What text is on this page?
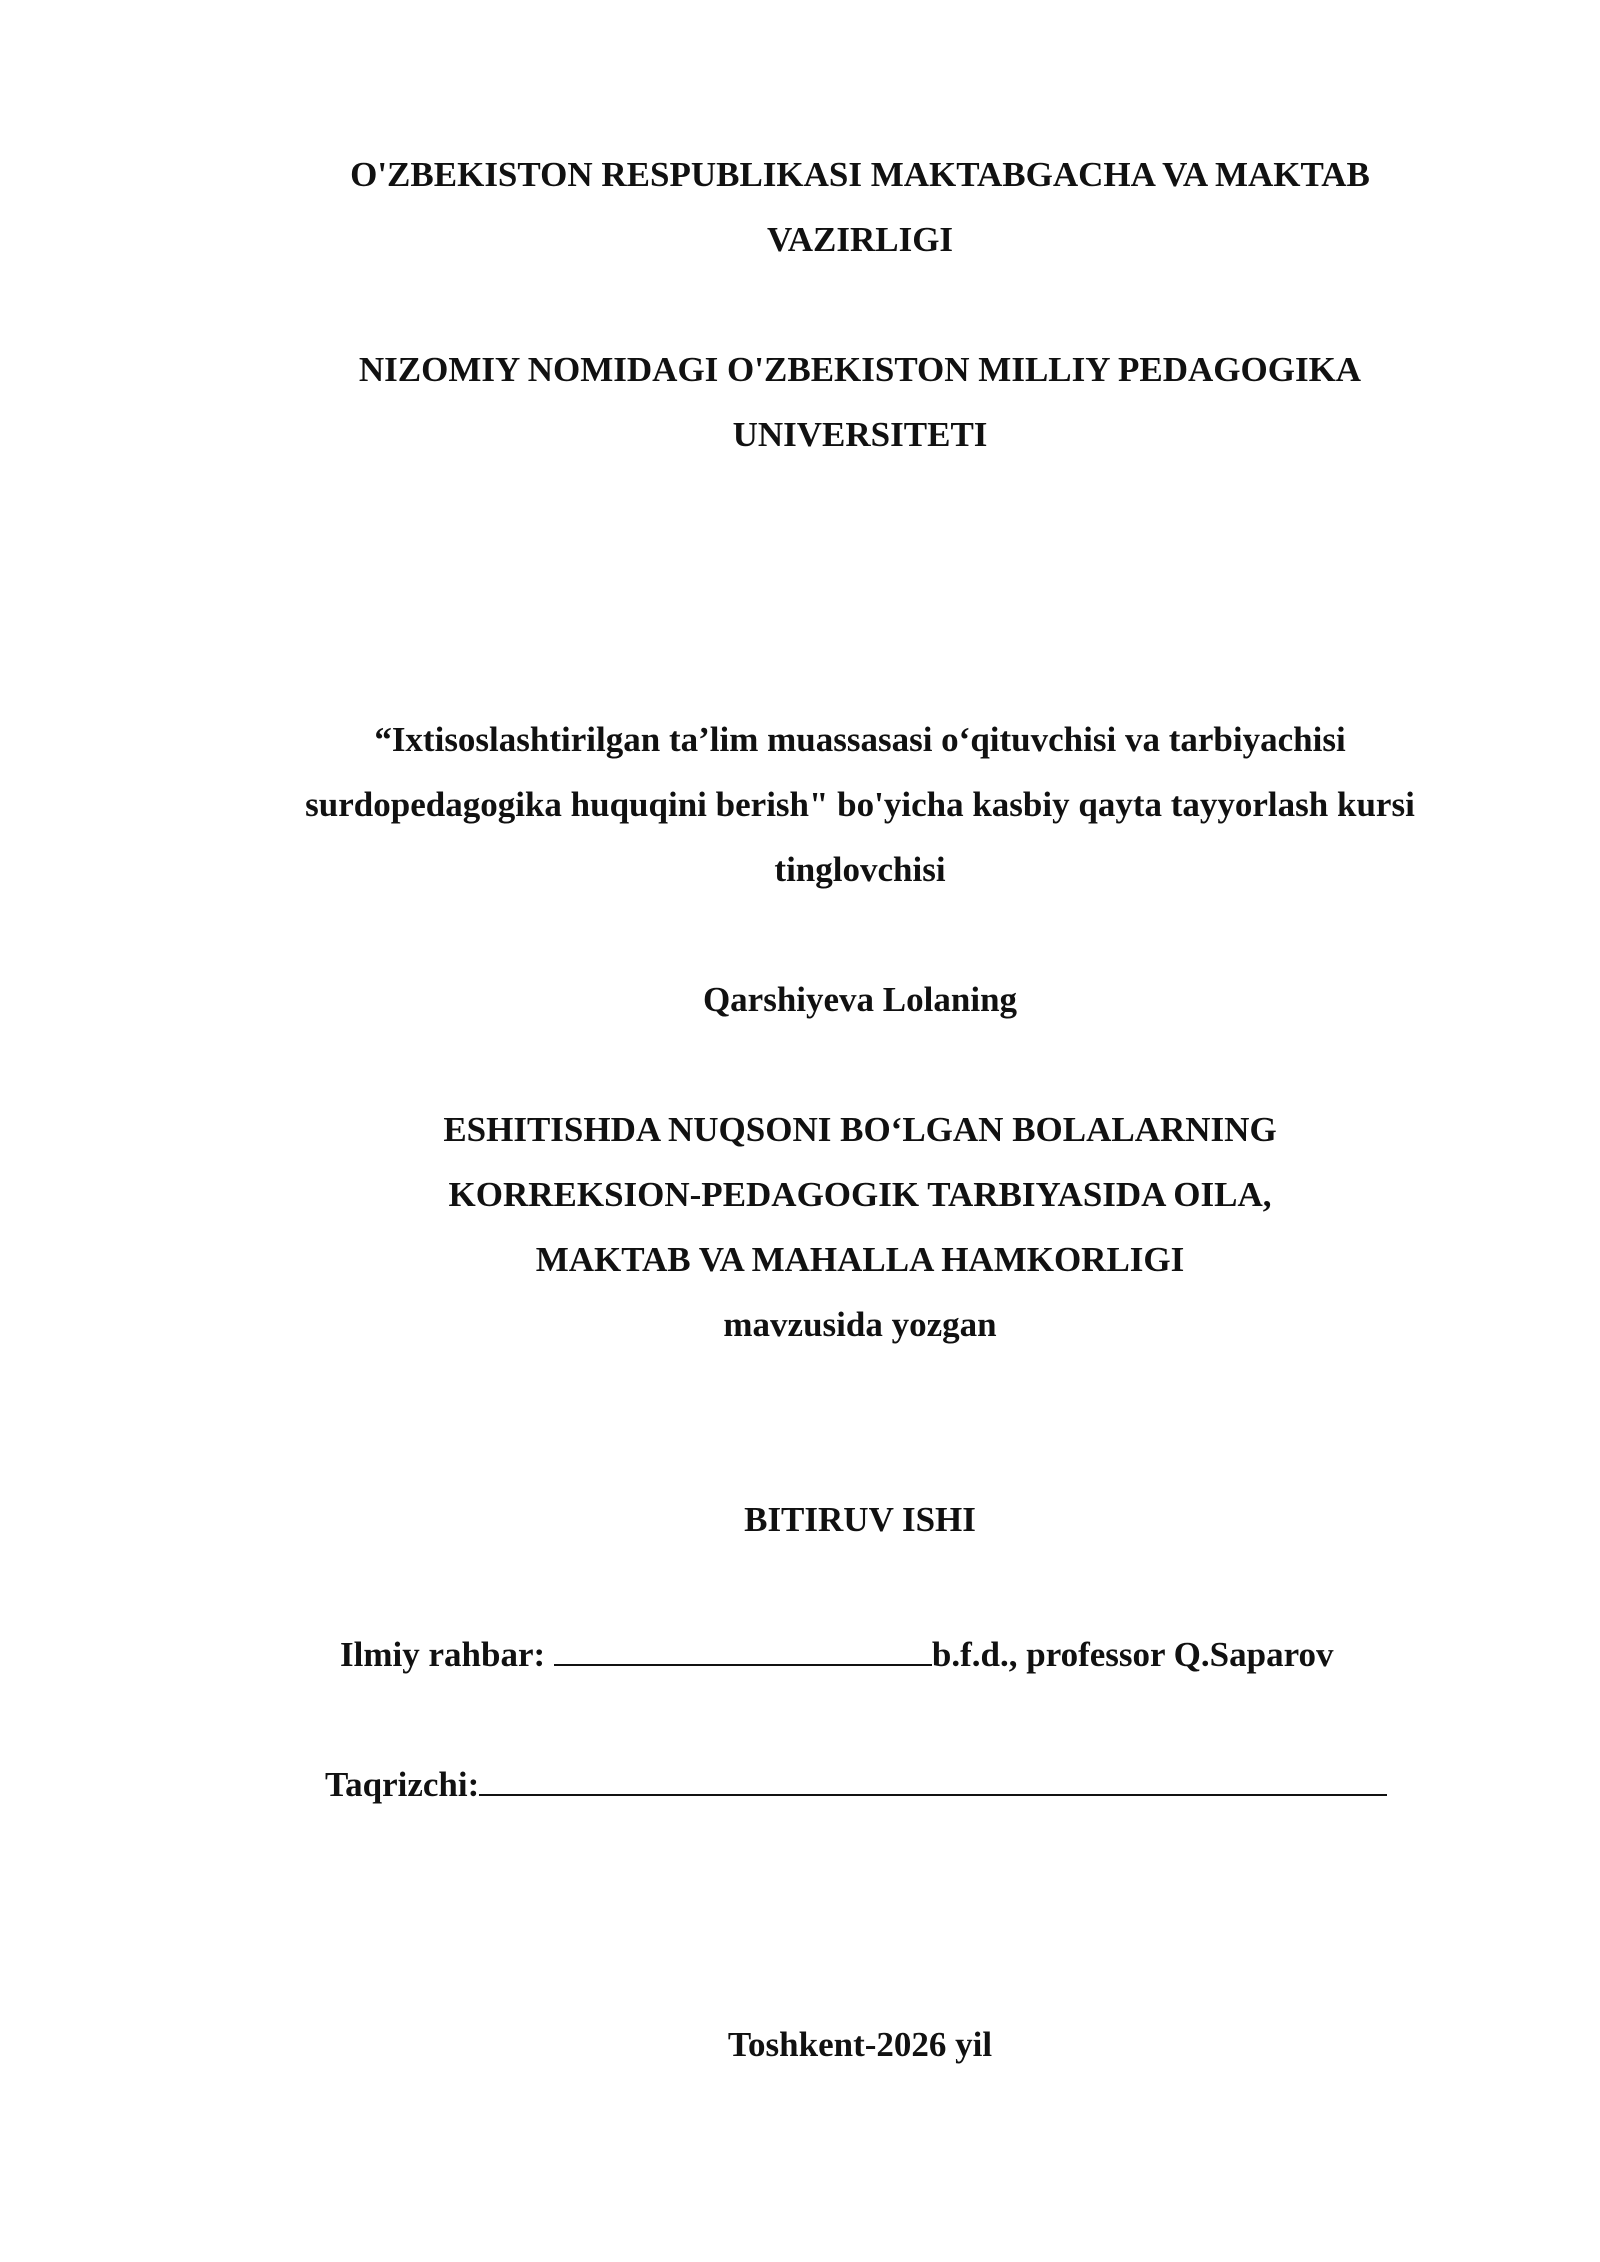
O'ZBEKISTON RESPUBLIKASI MAKTABGACHA VA MAKTAB
VAZIRLIGI
NIZOMIY NOMIDAGI O'ZBEKISTON MILLIY PEDAGOGIKA
UNIVERSITETI
“Ixtisoslashtirilgan ta’lim muassasasi o‘qituvchisi va tarbiyachisi
surdopedagogika huquqini berish" bo'yicha kasbiy qayta tayyorlash kursi
tinglovchisi
Qarshiyeva Lolaning
ESHITISHDA NUQSONI BO‘LGAN BOLALARNING
KORREKSION-PEDAGOGIK TARBIYASIDA OILA,
MAKTAB VA MAHALLA HAMKORLIGI
mavzusida yozgan
BITIRUV ISHI
Ilmiy rahbar:	b.f.d., professor Q.Saparov
Taqrizchi:
Toshkent-2026 yil
